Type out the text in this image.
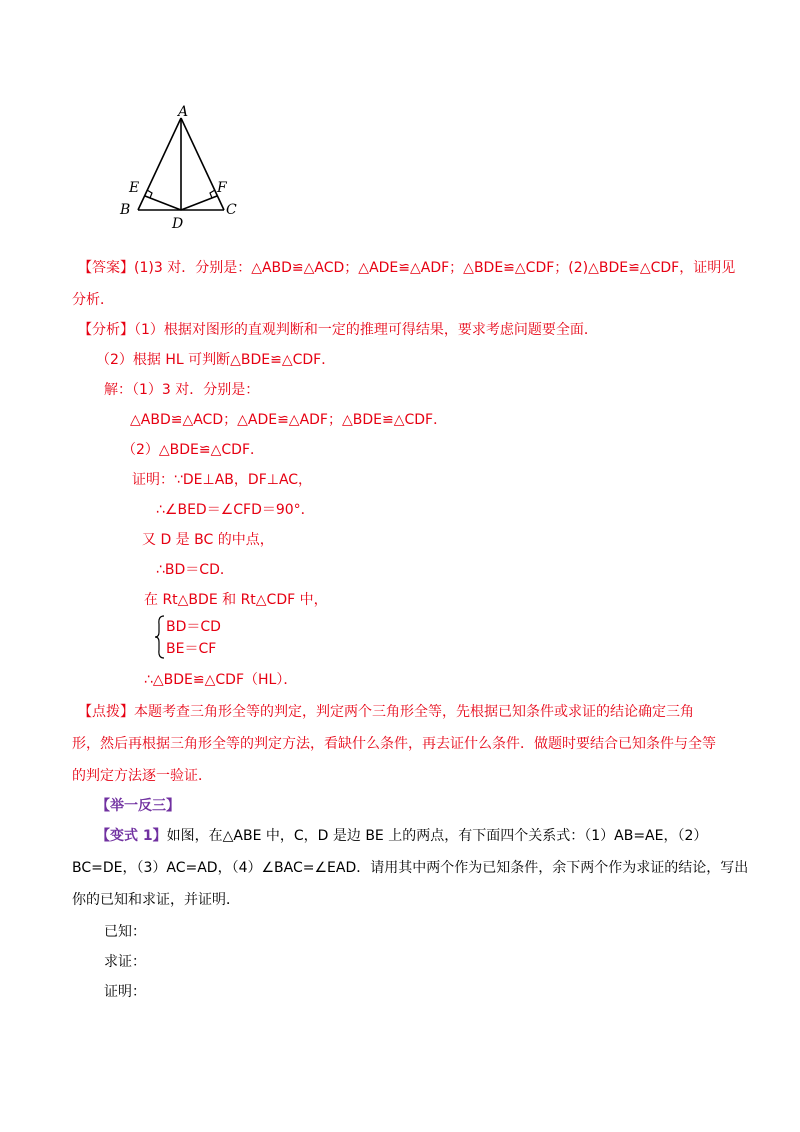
A
B	C
D
E	F
【答案】(1)3 对．分别是：△ABD≌△ACD；△ADE≌△ADF；△BDE≌△CDF；(2)△BDE≌△CDF，证明见
分析．
【分析】（1）根据对图形的直观判断和一定的推理可得结果，要求考虑问题要全面．
（2）根据 HL 可判断△BDE≌△CDF．
解：（1）3 对．分别是：
△ABD≌△ACD；△ADE≌△ADF；△BDE≌△CDF．
（2）△BDE≌△CDF．
证明：∵DE⊥AB，DF⊥AC，
∴∠BED＝∠CFD＝90°．
又 D 是 BC 的中点，
∴BD＝CD．
在 Rt△BDE 和 Rt△CDF 中，
BD＝CD
BE＝CF
∴△BDE≌△CDF（HL）．
【点拨】本题考查三角形全等的判定，判定两个三角形全等，先根据已知条件或求证的结论确定三角
形，然后再根据三角形全等的判定方法，看缺什么条件，再去证什么条件．做题时要结合已知条件与全等
的判定方法逐一验证．
【举一反三】
【变式 1】如图，在△ABE 中，C，D 是边 BE 上的两点，有下面四个关系式：（1）AB=AE，（2）
BC=DE，（3）AC=AD，（4）∠BAC=∠EAD．请用其中两个作为已知条件，余下两个作为求证的结论，写出
你的已知和求证，并证明．
已知：
求证：
证明：
